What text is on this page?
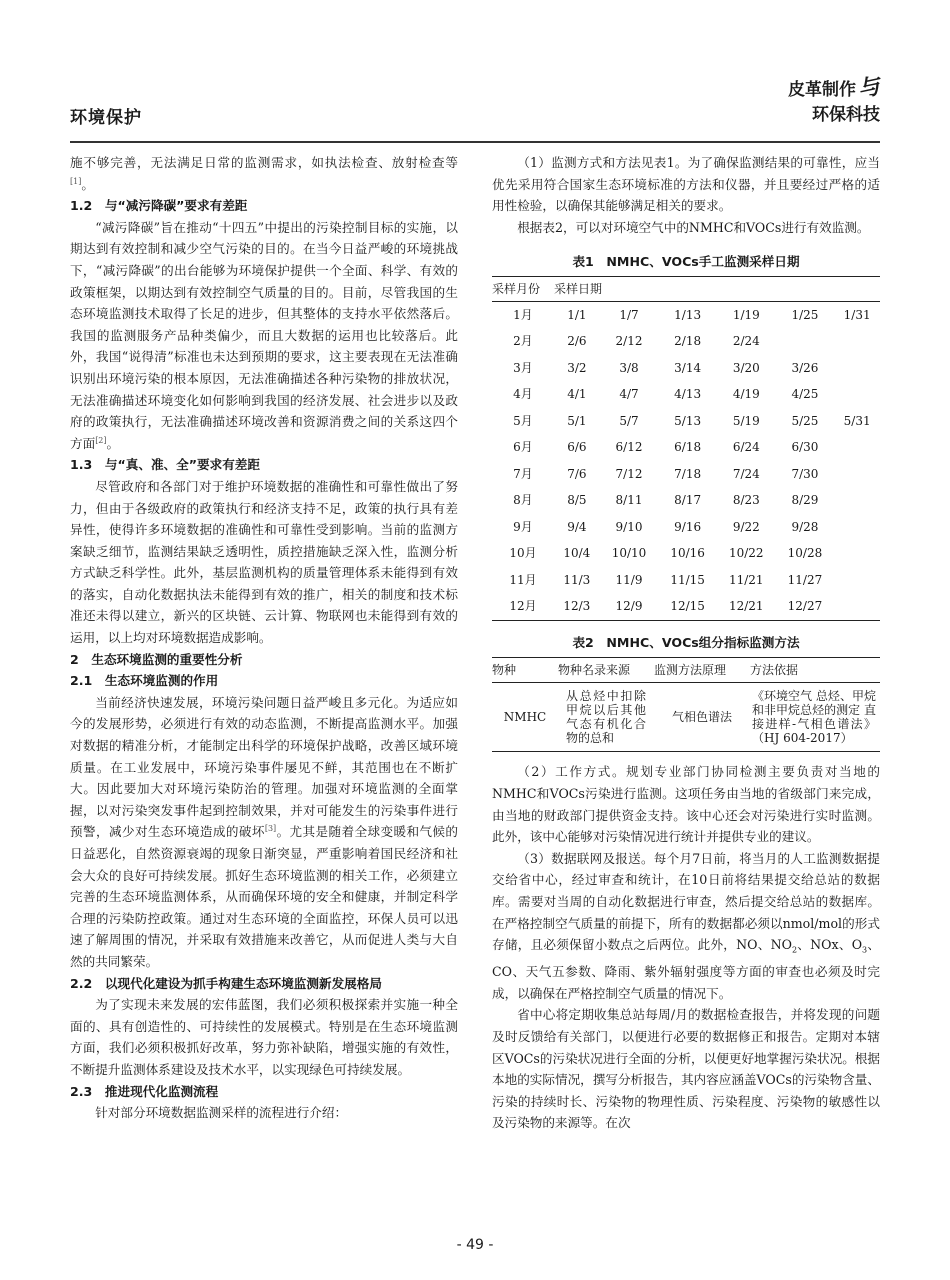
环境保护
皮革制作与
环保科技

施不够完善，无法满足日常的监测需求，如执法检查、放射检查等[1]。

1.2　与“减污降碳”要求有差距

“减污降碳”旨在推动“十四五”中提出的污染控制目标的实施，以期达到有效控制和减少空气污染的目的。在当今日益严峻的环境挑战下，“减污降碳”的出台能够为环境保护提供一个全面、科学、有效的政策框架，以期达到有效控制空气质量的目的。目前，尽管我国的生态环境监测技术取得了长足的进步，但其整体的支持水平依然落后。我国的监测服务产品种类偏少，而且大数据的运用也比较落后。此外，我国“说得清”标准也未达到预期的要求，这主要表现在无法准确识别出环境污染的根本原因，无法准确描述各种污染物的排放状况，无法准确描述环境变化如何影响到我国的经济发展、社会进步以及政府的政策执行，无法准确描述环境改善和资源消费之间的关系这四个方面[2]。

1.3　与“真、准、全”要求有差距

尽管政府和各部门对于维护环境数据的准确性和可靠性做出了努力，但由于各级政府的政策执行和经济支持不足，政策的执行具有差异性，使得许多环境数据的准确性和可靠性受到影响。当前的监测方案缺乏细节，监测结果缺乏透明性，质控措施缺乏深入性，监测分析方式缺乏科学性。此外，基层监测机构的质量管理体系未能得到有效的落实，自动化数据执法未能得到有效的推广，相关的制度和技术标准还未得以建立，新兴的区块链、云计算、物联网也未能得到有效的运用，以上均对环境数据造成影响。

2　生态环境监测的重要性分析
2.1　生态环境监测的作用

当前经济快速发展，环境污染问题日益严峻且多元化。为适应如今的发展形势，必须进行有效的动态监测，不断提高监测水平。加强对数据的精准分析，才能制定出科学的环境保护战略，改善区域环境质量。在工业发展中，环境污染事件屡见不鲜，其范围也在不断扩大。因此要加大对环境污染防治的管理。加强对环境监测的全面掌握，以对污染突发事件起到控制效果，并对可能发生的污染事件进行预警，减少对生态环境造成的破坏[3]。尤其是随着全球变暖和气候的日益恶化，自然资源衰竭的现象日渐突显，严重影响着国民经济和社会大众的良好可持续发展。抓好生态环境监测的相关工作，必须建立完善的生态环境监测体系，从而确保环境的安全和健康，并制定科学合理的污染防控政策。通过对生态环境的全面监控，环保人员可以迅速了解周围的情况，并采取有效措施来改善它，从而促进人类与大自然的共同繁荣。

2.2　以现代化建设为抓手构建生态环境监测新发展格局

为了实现未来发展的宏伟蓝图，我们必须积极探索并实施一种全面的、具有创造性的、可持续性的发展模式。特别是在生态环境监测方面，我们必须积极抓好改革，努力弥补缺陷，增强实施的有效性，不断提升监测体系建设及技术水平，以实现绿色可持续发展。

2.3　推进现代化监测流程

针对部分环境数据监测采样的流程进行介绍：

（1）监测方式和方法见表1。为了确保监测结果的可靠性，应当优先采用符合国家生态环境标准的方法和仪器，并且要经过严格的适用性检验，以确保其能够满足相关的要求。

根据表2，可以对环境空气中的NMHC和VOCs进行有效监测。

表1　NMHC、VOCs手工监测采样日期
采样月份	采样日期					
1月	1/1	1/7	1/13	1/19	1/25	1/31
2月	2/6	2/12	2/18	2/24		
3月	3/2	3/8	3/14	3/20	3/26	
4月	4/1	4/7	4/13	4/19	4/25	
5月	5/1	5/7	5/13	5/19	5/25	5/31
6月	6/6	6/12	6/18	6/24	6/30	
7月	7/6	7/12	7/18	7/24	7/30	
8月	8/5	8/11	8/17	8/23	8/29	
9月	9/4	9/10	9/16	9/22	9/28	
10月	10/4	10/10	10/16	10/22	10/28	
11月	11/3	11/9	11/15	11/21	11/27	
12月	12/3	12/9	12/15	12/21	12/27	
表2　NMHC、VOCs组分指标监测方法
物种	物种名录来源	监测方法原理	方法依据
NMHC	从总烃中扣除甲烷以后其他气态有机化合物的总和	气相色谱法	《环境空气 总烃、甲烷和非甲烷总烃的测定 直接进样-气相色谱法》（HJ 604-2017）

（2）工作方式。规划专业部门协同检测主要负责对当地的NMHC和VOCs污染进行监测。这项任务由当地的省级部门来完成，由当地的财政部门提供资金支持。该中心还会对污染进行实时监测。此外，该中心能够对污染情况进行统计并提供专业的建议。

（3）数据联网及报送。每个月7日前，将当月的人工监测数据提交给省中心，经过审查和统计，在10日前将结果提交给总站的数据库。需要对当周的自动化数据进行审查，然后提交给总站的数据库。在严格控制空气质量的前提下，所有的数据都必须以nmol/mol的形式存储，且必须保留小数点之后两位。此外，NO、$NO_2$、NOx、$O_3$、CO、天气五参数、降雨、紫外辐射强度等方面的审查也必须及时完成，以确保在严格控制空气质量的情况下。

省中心将定期收集总站每周/月的数据检查报告，并将发现的问题及时反馈给有关部门，以便进行必要的数据修正和报告。定期对本辖区VOCs的污染状况进行全面的分析，以便更好地掌握污染状况。根据本地的实际情况，撰写分析报告，其内容应涵盖VOCs的污染物含量、污染的持续时长、污染物的物理性质、污染程度、污染物的敏感性以及污染物的来源等。在次

- 49 -
